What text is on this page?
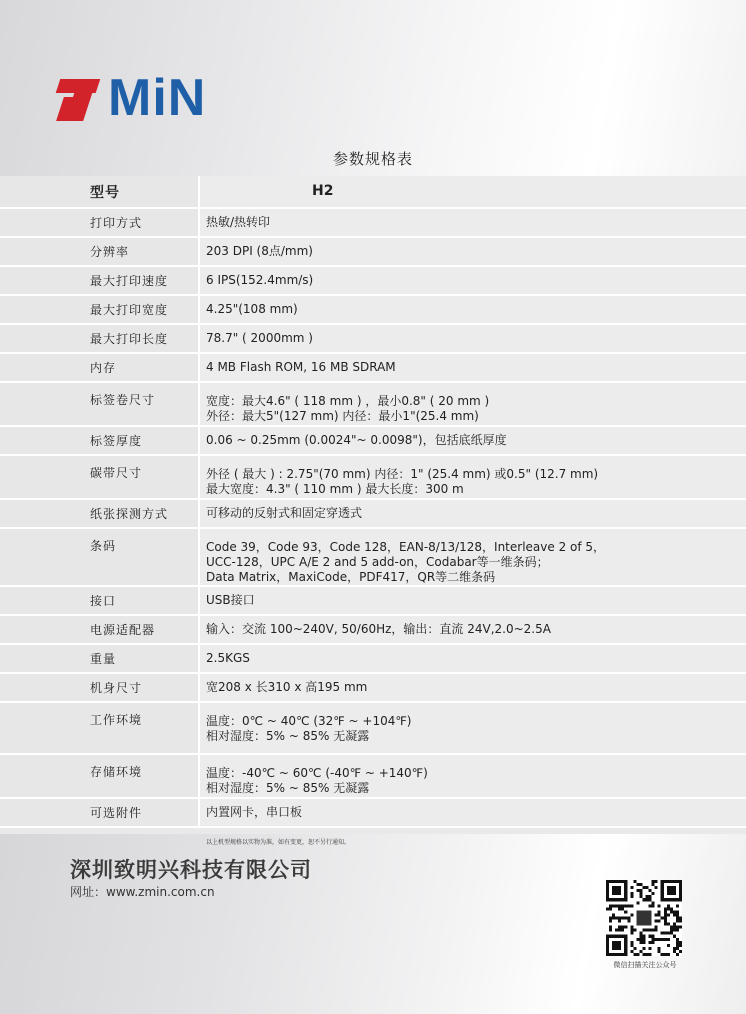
MiN
参数规格表
型号	H2
打印方式	热敏/热转印

分辨率	203 DPI (8点/mm)

最大打印速度	6 IPS(152.4mm/s)

最大打印宽度	4.25"(108 mm)

最大打印长度	78.7" ( 2000mm )

内存	4 MB Flash ROM, 16 MB SDRAM

标签卷尺寸	宽度：最大4.6" ( 118 mm ) ，最小0.8" ( 20 mm )
外径：最大5"(127 mm) 内径：最小1"(25.4 mm)

标签厚度	0.06 ~ 0.25mm (0.0024"~ 0.0098")，包括底纸厚度

碳带尺寸	外径 ( 最大 ) : 2.75"(70 mm) 内径：1" (25.4 mm) 或0.5" (12.7 mm)
最大宽度：4.3" ( 110 mm ) 最大长度：300 m

纸张探测方式	可移动的反射式和固定穿透式

条码	Code 39，Code 93，Code 128，EAN-8/13/128，Interleave 2 of 5，
UCC-128，UPC A/E 2 and 5 add-on，Codabar等一维条码；
Data Matrix，MaxiCode，PDF417，QR等二维条码

接口	USB接口

电源适配器	输入：交流 100~240V, 50/60Hz，输出：直流 24V,2.0~2.5A

重量	2.5KGS

机身尺寸	宽208 x 长310 x 高195 mm

工作环境	温度：0℃ ~ 40℃ (32℉ ~ +104℉)
相对湿度：5% ~ 85% 无凝露

存储环境	温度：-40℃ ~ 60℃ (-40℉ ~ +140℉)
相对湿度：5% ~ 85% 无凝露

可选附件	内置网卡，串口板
以上机型规格以实物为准，如有变更，恕不另行通知。
深圳致明兴科技有限公司
网址：www.zmin.com.cn
微信扫描关注公众号
